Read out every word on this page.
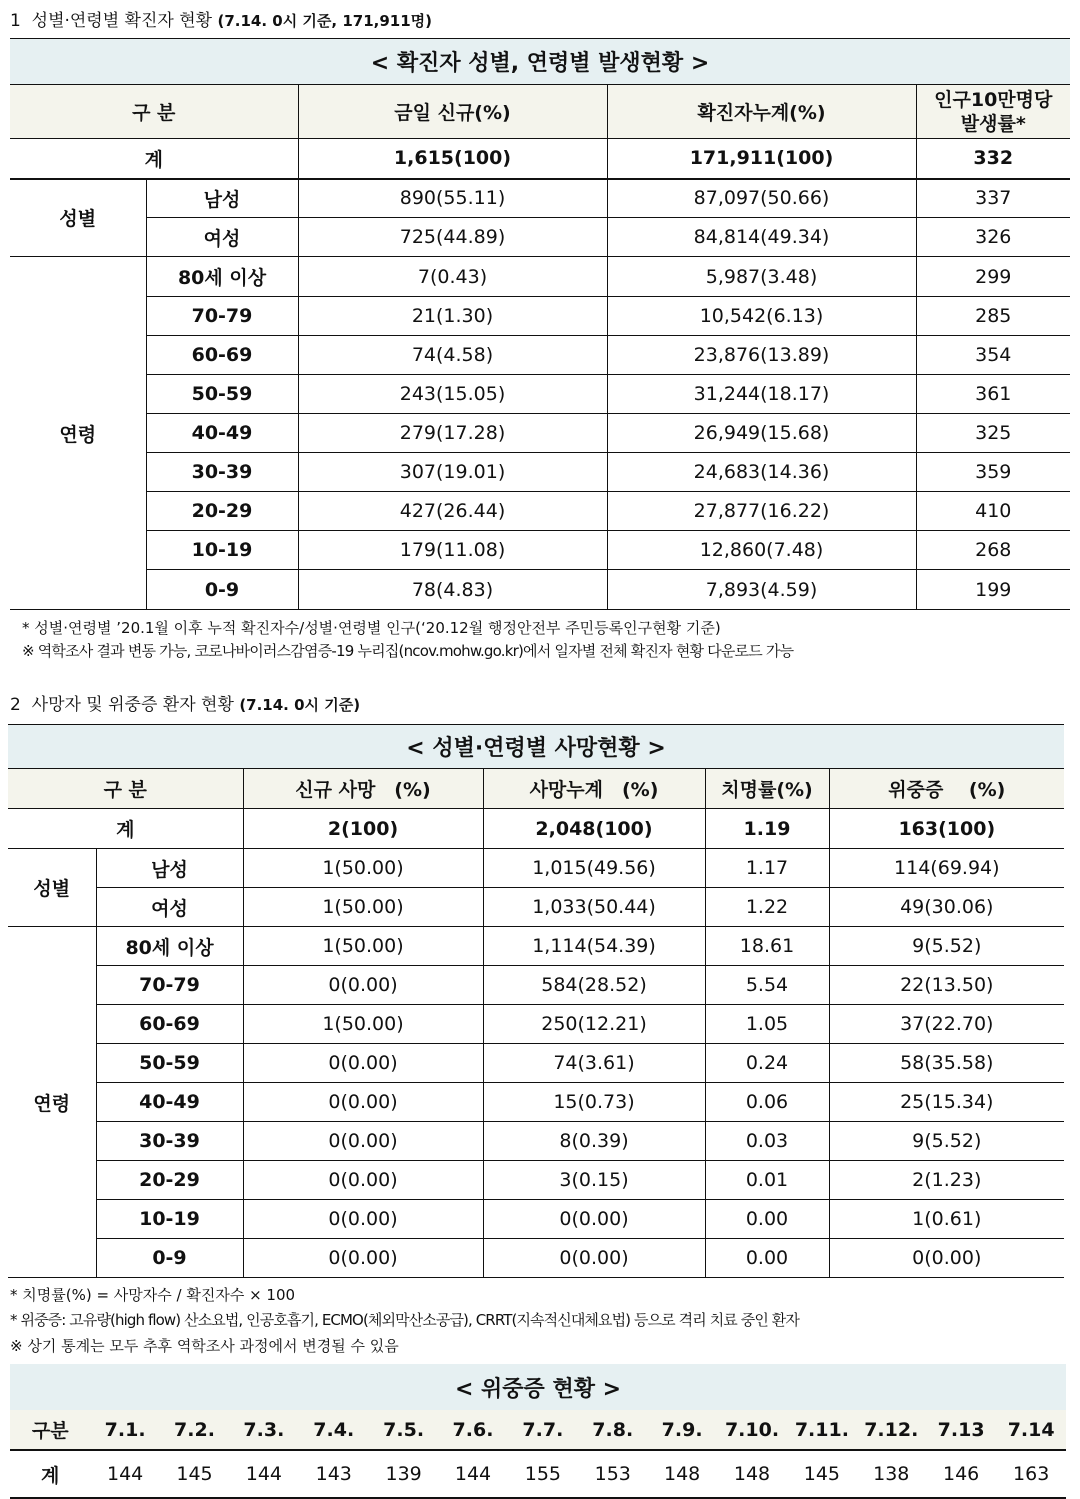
1 성별·연령별 확진자 현황 (7.14. 0시 기준, 171,911명)
< 확진자 성별, 연령별 발생현황 >				
구 분		금일 신규(%)	확진자누계(%)	인구10만명당
발생률*

계		1,615(100)	171,911(100)	332
성별	남성	890(55.11)	87,097(50.66)	337
	여성	725(44.89)	84,814(49.34)	326
연령	80세 이상	7(0.43)	5,987(3.48)	299
	70-79	21(1.30)	10,542(6.13)	285
	60-69	74(4.58)	23,876(13.89)	354
	50-59	243(15.05)	31,244(18.17)	361
	40-49	279(17.28)	26,949(15.68)	325
	30-39	307(19.01)	24,683(14.36)	359
	20-29	427(26.44)	27,877(16.22)	410
	10-19	179(11.08)	12,860(7.48)	268
	0-9	78(4.83)	7,893(4.59)	199
* 성별·연령별 ’20.1월 이후 누적 확진자수/성별·연령별 인구(‘20.12월 행정안전부 주민등록인구현황 기준)
※ 역학조사 결과 변동 가능, 코로나바이러스감염증-19 누리집(ncov.mohw.go.kr)에서 일자별 전체 확진자 현황 다운로드 가능
2 사망자 및 위중증 환자 현황 (7.14. 0시 기준)
< 성별·연령별 사망현황 >					
구 분		신규 사망　(%)	사망누계　(%)	치명률(%)	위중증　 (%)
계		2(100)	2,048(100)	1.19	163(100)
성별	남성	1(50.00)	1,015(49.56)	1.17	114(69.94)
	여성	1(50.00)	1,033(50.44)	1.22	49(30.06)
연령	80세 이상	1(50.00)	1,114(54.39)	18.61	9(5.52)
	70-79	0(0.00)	584(28.52)	5.54	22(13.50)
	60-69	1(50.00)	250(12.21)	1.05	37(22.70)
	50-59	0(0.00)	74(3.61)	0.24	58(35.58)
	40-49	0(0.00)	15(0.73)	0.06	25(15.34)
	30-39	0(0.00)	8(0.39)	0.03	9(5.52)
	20-29	0(0.00)	3(0.15)	0.01	2(1.23)
	10-19	0(0.00)	0(0.00)	0.00	1(0.61)
	0-9	0(0.00)	0(0.00)	0.00	0(0.00)
* 치명률(%) = 사망자수 / 확진자수 × 100
* 위중증: 고유량(high flow) 산소요법, 인공호흡기, ECMO(체외막산소공급), CRRT(지속적신대체요법) 등으로 격리 치료 중인 환자
※ 상기 통계는 모두 추후 역학조사 과정에서 변경될 수 있음
< 위중증 현황 >														
구분	7.1.	7.2.	7.3.	7.4.	7.5.	7.6.	7.7.	7.8.	7.9.	7.10.	7.11.	7.12.	7.13	7.14
계	144	145	144	143	139	144	155	153	148	148	145	138	146	163
